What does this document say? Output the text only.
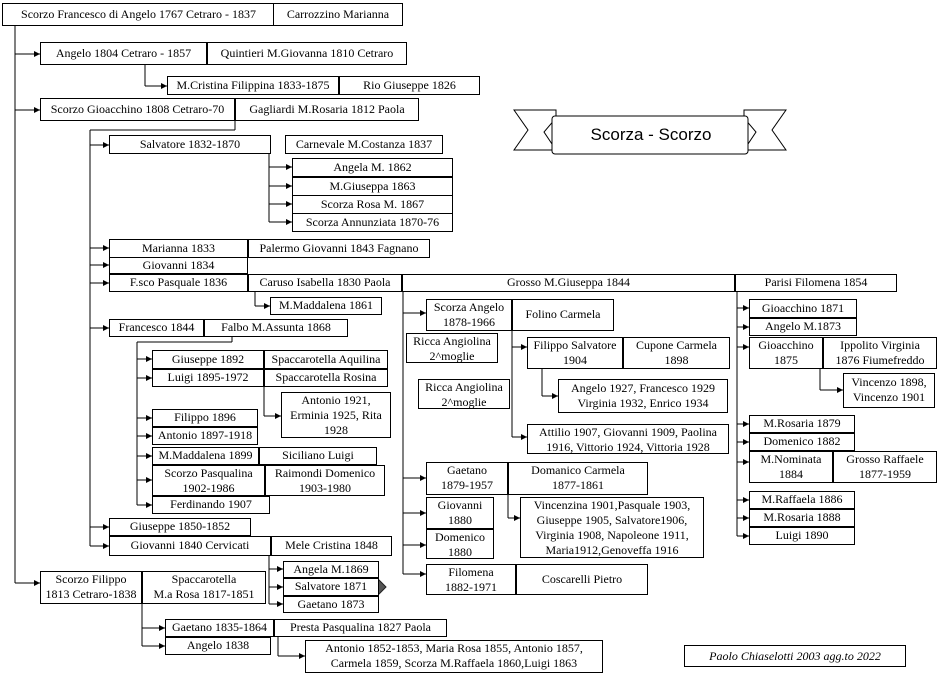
Scorza - Scorzo
Paolo Chiaselotti 2003 agg.to 2022
Scorzo Francesco di Angelo 1767 Cetraro - 1837	Carrozzino Marianna
Angelo 1804 Cetraro - 1857	Quintieri M.Giovanna 1810 Cetraro
M.Cristina Filippina 1833-1875	Rio Giuseppe 1826
Scorzo Gioacchino 1808 Cetraro-70	Gagliardi M.Rosaria 1812 Paola
Salvatore 1832-1870	Carnevale M.Costanza 1837
Angela M. 1862
M.Giuseppa 1863
Scorza Rosa M. 1867
Scorza Annunziata 1870-76
Marianna 1833	Palermo Giovanni 1843 Fagnano
Giovanni 1834
F.sco Pasquale 1836	Caruso Isabella 1830 Paola	Grosso M.Giuseppa 1844	Parisi Filomena 1854
M.Maddalena 1861	Scorza Angelo
1878-1966
Folino Carmela
Ricca Angiolina
2^moglie
Ricca Angiolina
2^moglie
Filippo Salvatore
1904
Cupone Carmela
1898
Angelo 1927, Francesco 1929
Virginia 1932, Enrico 1934
Attilio 1907, Giovanni 1909, Paolina
1916, Vittorio 1924, Vittoria 1928
Gaetano
1879-1957
Domanico Carmela
1877-1861
Vincenzina 1901,Pasquale 1903,
Giuseppe 1905, Salvatore1906,
Virginia 1908, Napoleone 1911,
Maria1912,Genoveffa 1916
Giovanni
1880
Domenico
1880
Filomena
1882-1971
Coscarelli Pietro
Gioacchino 1871
Angelo M.1873
Gioacchino
1875
Ippolito Virginia
1876 Fiumefreddo
Vincenzo 1898,
Vincenzo 1901
M.Rosaria 1879
Domenico 1882
M.Nominata
1884
Grosso Raffaele
1877-1959
M.Raffaela 1886
M.Rosaria 1888
Luigi 1890
Francesco 1844	Falbo M.Assunta 1868
Giuseppe 1892	Spaccarotella Aquilina
Luigi 1895-1972	Spaccarotella Rosina
Antonio 1921,
Erminia 1925, Rita
1928
Filippo 1896
Antonio 1897-1918
M.Maddalena 1899	Siciliano Luigi
Scorzo Pasqualina
1902-1986
Raimondi Domenico
1903-1980
Ferdinando 1907
Giuseppe 1850-1852
Giovanni 1840 Cervicati	Mele Cristina 1848
Scorzo Filippo
1813 Cetraro-1838
Spaccarotella
M.a Rosa 1817-1851
Angela M.1869
Salvatore 1871
Gaetano 1873
Gaetano 1835-1864	Presta Pasqualina 1827 Paola
Angelo 1838	Antonio 1852-1853, Maria Rosa 1855, Antonio 1857,
Carmela 1859, Scorza M.Raffaela 1860,Luigi 1863
